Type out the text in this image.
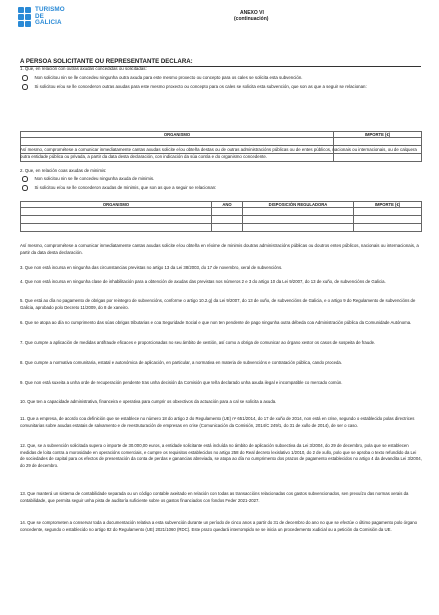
TURISMO
DE
GALICIA
ANEXO VI
(continuación)
A PERSOA SOLICITANTE OU REPRESENTANTE DECLARA:
1. Que, en relación con outras axudas concedidas ou solicitadas:
Non solicitou nin se lle concedeu ningunha outra axuda para este mesmo proxecto ou concepto para os cales se solicita esta subvención.
Si solicitou e/ou se lle concederon outras axudas para este mesmo proxecto ou concepto para os cales se solicita esta subvención, que son as que a seguir se relacionan:
ORGANISMO	IMPORTE (€)

Así mesmo, comprométese a comunicar inmediatamente cantas axudas solicite e/ou obteña destas ou de outras administracións públicas ou de entes públicos, nacionais ou internacionais, ou de calquera outra entidade pública ou privada, a partir da data desta declaración, con indicación da súa contía e do organismo concedente.
2. Que, en relación coas axudas de minimis:
Non solicitou nin se lle concedeu ningunha axuda de minimis.
Si solicitou e/ou se lle concederon axudas de minimis, que son as que a seguir se relacionan:
ORGANISMO	ANO	DISPOSICIÓN REGULADORA	IMPORTE (€)

Así mesmo, comprométese a comunicar inmediatamente cantas axudas solicite e/ou obteña en réxime de minimis doutras administracións públicas ou doutros entes públicos, nacionais ou internacionais, a partir da data desta declaración.
3. Que non está incursa en ningunha das circunstancias previstas no artigo 13 da Lei 38/2003, do 17 de novembro, xeral de subvencións.
4. Que non está incursa en ningunha clase de inhabilitación para a obtención de axudas das previstas nos números 2 e 3 do artigo 10 da Lei 9/2007, do 13 de xuño, de subvencións de Galicia.
5. Que está ao día no pagamento de obrigas por reintegro de subvencións, conforme o artigo 10.2.g) da Lei 9/2007, do 13 de xuño, de subvencións de Galicia, e o artigo 9 do Regulamento de subvencións de Galicia, aprobado polo Decreto 11/2009, do 8 de xaneiro.
6. Que se atopa ao día no cumprimento das súas obrigas tributarias e coa Seguridade Social e que non ten pendente de pago ningunha outra débeda coa Administración pública da Comunidade Autónoma.
7. Que cumpre a aplicación de medidas antifraude eficaces e proporcionadas no seu ámbito de xestión, así como a obriga de comunicar ao órgano xestor os casos de sospeita de fraude.
8. Que cumpre a normativa comunitaria, estatal e autonómica de aplicación, en particular, a normativa en materia de subvencións e contratación pública, cando proceda.
9. Que non está suxeita a unha orde de recuperación pendente tras unha decisión da Comisión que teña declarado unha axuda ilegal e incompatible co mercado común.
10. Que ten a capacidade administrativa, financeira e operativa para cumprir os obxectivos da actuación para a cal se solicita a axuda.
11. Que a empresa, de acordo coa definición que se establece no número 18 do artigo 2 do Regulamento (UE) nº 651/2014, do 17 de xuño de 2014, non está en crise, segundo o establecido polas directrices comunitarias sobre axudas estatais de salvamento e de reestruturación de empresas en crise (Comunicación da Comisión, 2014/C 249/1, do 31 de xullo de 2014), de ser o caso.
12. Que, se a subvención solicitada supera o importe de 30.000,00 euros, a entidade solicitante está incluída no ámbito de aplicación subxectiva da Lei 3/2004, do 29 de decembro, pola que se establecen medidas de loita contra a morosidade en operacións comerciais, e cumpre os requisitos establecidos no artigo 258 do Real decreto lexislativo 1/2010, do 2 de xullo, polo que se aproba o texto refundido da Lei de sociedades de capital para os efectos de presentación da conta de perdas e ganancias abreviada, se atopa ao día no cumprimento dos prazos de pagamento establecidos no artigo 4 da devandita Lei 3/2004, do 29 de decembro.
13. Que manterá un sistema de contabilidade separada ou un código contable axeitado en relación con todas as transaccións relacionadas cos gastos subvencionados, sen prexuízo das normas xerais da contabilidade, que permita seguir unha pista de auditoría suficiente sobre os gastos financiados con fondos Feder 2021-2027.
14. Que se comprometen a conservar toda a documentación relativa a esta subvención durante un período de cinco anos a partir do 31 de decembro do ano no que se efectúe o último pagamento polo órgano concedente, segundo o establecido no artigo 82 do Regulamento (UE) 2021/1060 (RDC). Este prazo quedará interrompido se se inicia un procedemento xudicial ou a petición da Comisión da UE.
